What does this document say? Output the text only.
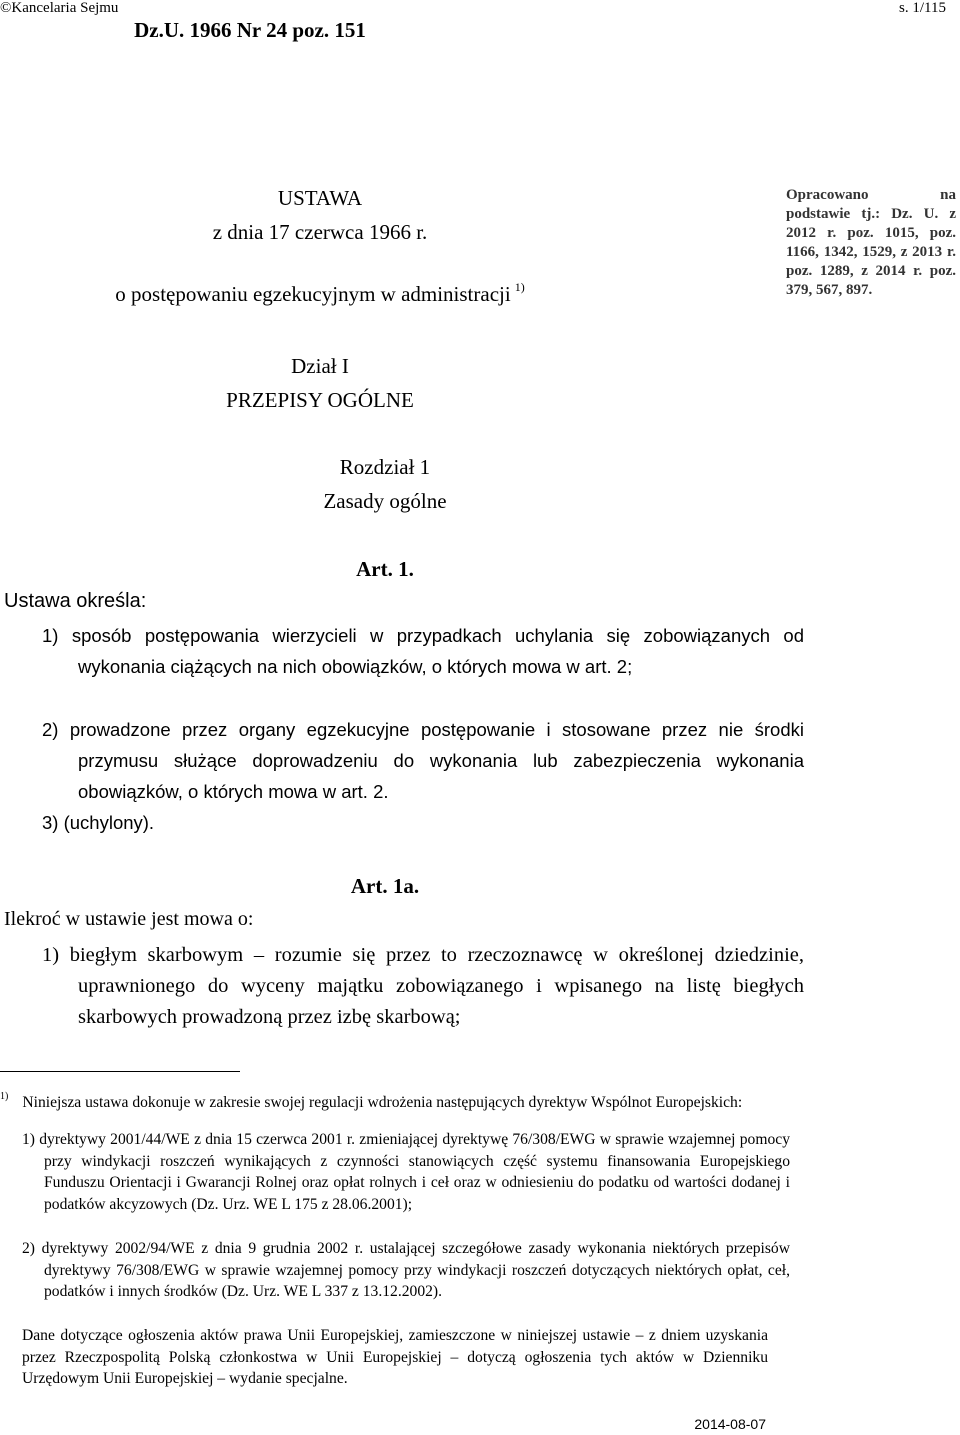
©Kancelaria Sejmu	s. 1/115
Dz.U. 1966 Nr 24 poz. 151
USTAWA
z dnia 17 czerwca 1966 r.
o postępowaniu egzekucyjnym w administracji $^{1)}$
Dział I
PRZEPISY OGÓLNE
Opracowano na podstawie tj.: Dz. U. z 2012 r. poz. 1015, poz. 1166, 1342, 1529, z 2013 r. poz. 1289, z 2014 r. poz. 379, 567, 897.
Rozdział 1
Zasady ogólne
Art. 1.
Ustawa określa:
1) sposób postępowania wierzycieli w przypadkach uchylania się zobowiązanych od wykonania ciążących na nich obowiązków, o których mowa w art. 2;
2) prowadzone przez organy egzekucyjne postępowanie i stosowane przez nie środki przymusu służące doprowadzeniu do wykonania lub zabezpieczenia wykonania obowiązków, o których mowa w art. 2.
3) (uchylony).
Art. 1a.
Ilekroć w ustawie jest mowa o:
1) biegłym skarbowym – rozumie się przez to rzeczoznawcę w określonej dziedzinie, uprawnionego do wyceny majątku zobowiązanego i wpisanego na listę biegłych skarbowych prowadzoną przez izbę skarbową;
$^{1)}$ Niniejsza ustawa dokonuje w zakresie swojej regulacji wdrożenia następujących dyrektyw Wspólnot Europejskich:
1) dyrektywy 2001/44/WE z dnia 15 czerwca 2001 r. zmieniającej dyrektywę 76/308/EWG w sprawie wzajemnej pomocy przy windykacji roszczeń wynikających z czynności stanowiących część systemu finansowania Europejskiego Funduszu Orientacji i Gwarancji Rolnej oraz opłat rolnych i ceł oraz w odniesieniu do podatku od wartości dodanej i podatków akcyzowych (Dz. Urz. WE L 175 z 28.06.2001);
2) dyrektywy 2002/94/WE z dnia 9 grudnia 2002 r. ustalającej szczegółowe zasady wykonania niektórych przepisów dyrektywy 76/308/EWG w sprawie wzajemnej pomocy przy windykacji roszczeń dotyczących niektórych opłat, ceł, podatków i innych środków (Dz. Urz. WE L 337 z 13.12.2002).
Dane dotyczące ogłoszenia aktów prawa Unii Europejskiej, zamieszczone w niniejszej ustawie – z dniem uzyskania przez Rzeczpospolitą Polską członkostwa w Unii Europejskiej – dotyczą ogłoszenia tych aktów w Dzienniku Urzędowym Unii Europejskiej – wydanie specjalne.
2014-08-07
